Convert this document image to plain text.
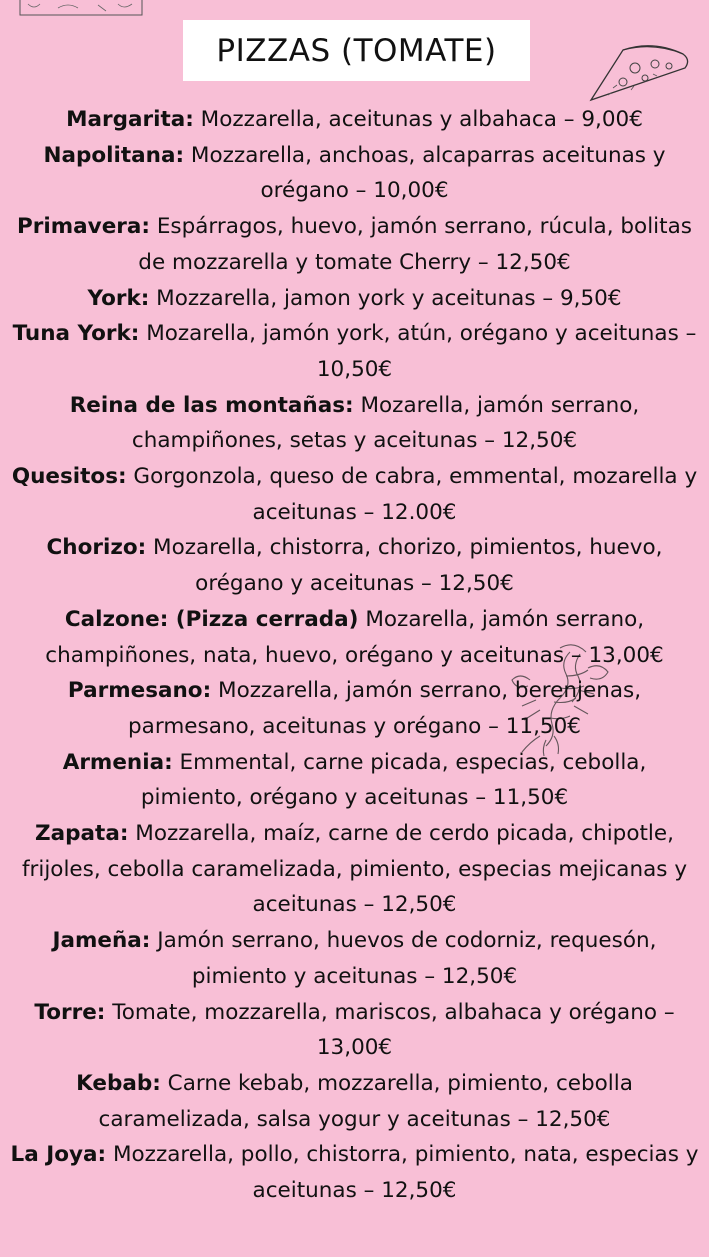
PIZZAS (TOMATE)

Margarita: Mozzarella, aceitunas y albahaca – 9,00€

Napolitana: Mozzarella, anchoas, alcaparras aceitunas y orégano – 10,00€

Primavera: Espárragos, huevo, jamón serrano, rúcula, bolitas de mozzarella y tomate Cherry – 12,50€

York: Mozzarella, jamon york y aceitunas – 9,50€

Tuna York: Mozarella, jamón york, atún, orégano y aceitunas – 10,50€

Reina de las montañas: Mozarella, jamón serrano, champiñones, setas y aceitunas – 12,50€

Quesitos: Gorgonzola, queso de cabra, emmental, mozarella y aceitunas – 12.00€

Chorizo: Mozarella, chistorra, chorizo, pimientos, huevo, orégano y aceitunas – 12,50€

Calzone: (Pizza cerrada) Mozarella, jamón serrano, champiñones, nata, huevo, orégano y aceitunas – 13,00€

Parmesano: Mozzarella, jamón serrano, berenjenas, parmesano, aceitunas y orégano – 11,50€

Armenia: Emmental, carne picada, especias, cebolla, pimiento, orégano y aceitunas – 11,50€

Zapata: Mozzarella, maíz, carne de cerdo picada, chipotle, frijoles, cebolla caramelizada, pimiento, especias mejicanas y aceitunas – 12,50€

Jameña: Jamón serrano, huevos de codorniz, requesón, pimiento y aceitunas – 12,50€

Torre: Tomate, mozzarella, mariscos, albahaca y orégano – 13,00€

Kebab: Carne kebab, mozzarella, pimiento, cebolla caramelizada, salsa yogur y aceitunas – 12,50€

La Joya: Mozzarella, pollo, chistorra, pimiento, nata, especias y aceitunas – 12,50€
